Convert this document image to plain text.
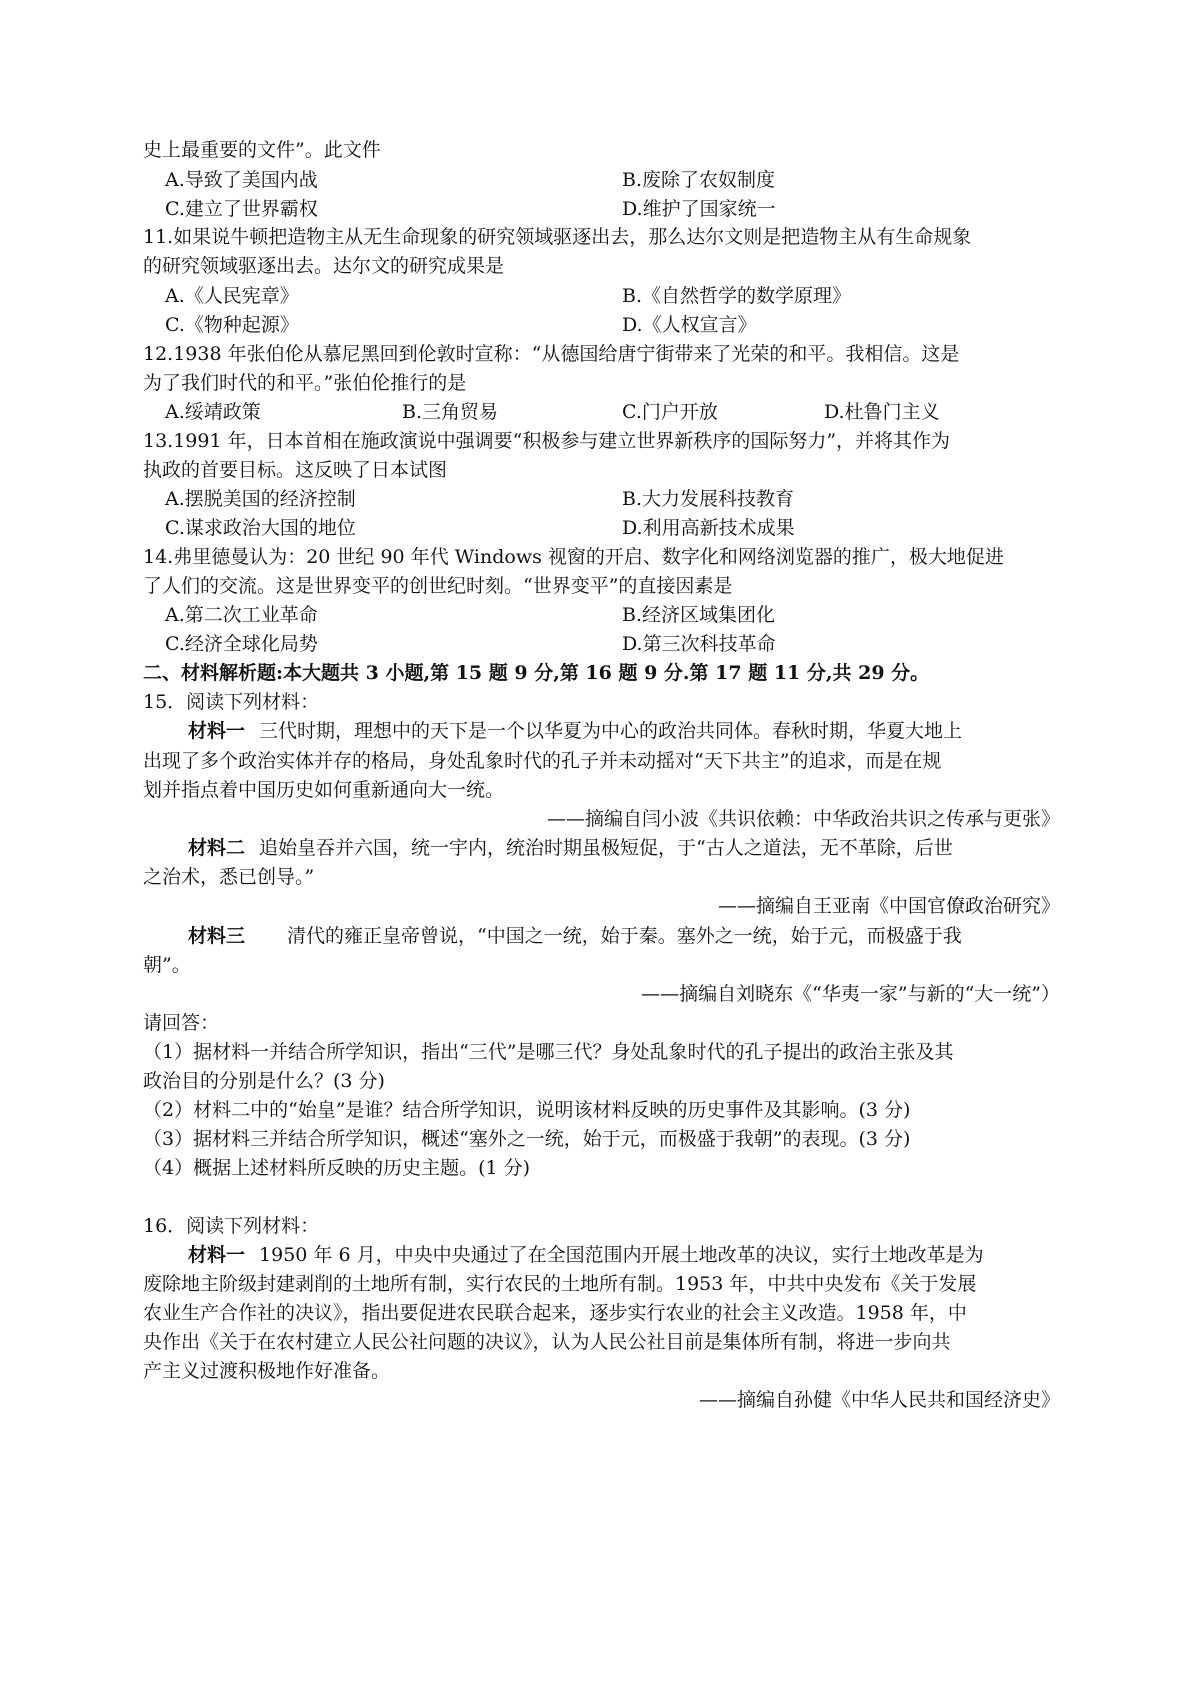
史上最重要的文件”。此文件
A.导致了美国内战	B.废除了农奴制度
C.建立了世界霸权	D.维护了国家统一
11.如果说牛顿把造物主从无生命现象的研究领域驱逐出去，那么达尔文则是把造物主从有生命规象
的研究领域驱逐出去。达尔文的研究成果是
A.《人民宪章》	B.《自然哲学的数学原理》
C.《物种起源》	D.《人权宣言》
12.1938 年张伯伦从慕尼黑回到伦敦时宣称：“从德国给唐宁街带来了光荣的和平。我相信。这是
为了我们时代的和平。”张伯伦推行的是
A.绥靖政策	B.三角贸易	C.门户开放	D.杜鲁门主义
13.1991 年，日本首相在施政演说中强调要“积极参与建立世界新秩序的国际努力”，并将其作为
执政的首要目标。这反映了日本试图
A.摆脱美国的经济控制	B.大力发展科技教育
C.谋求政治大国的地位	D.利用高新技术成果
14.弗里德曼认为：20 世纪 90 年代 Windows 视窗的开启、数字化和网络浏览器的推广，极大地促进
了人们的交流。这是世界变平的创世纪时刻。“世界变平”的直接因素是
A.第二次工业革命	B.经济区域集团化
C.经济全球化局势	D.第三次科技革命
二、材料解析题:本大题共 3 小题,第 15 题 9 分,第 16 题 9 分.第 17 题 11 分,共 29 分。
15．阅读下列材料：
材料一 三代时期，理想中的天下是一个以华夏为中心的政治共同体。春秋时期，华夏大地上
出现了多个政治实体并存的格局，身处乱象时代的孔子并未动摇对“天下共主”的追求，而是在规
划并指点着中国历史如何重新通向大一统。
——摘编自闫小波《共识依赖：中华政治共识之传承与更张》
材料二 追始皇吞并六国，统一宇内，统治时期虽极短促，于“古人之道法，无不革除，后世
之治术，悉已创导。”
——摘编自王亚南《中国官僚政治研究》
材料三 清代的雍正皇帝曾说，“中国之一统，始于秦。塞外之一统，始于元，而极盛于我
朝”。
——摘编自刘晓东《“华夷一家”与新的“大一统”）
请回答：
（1）据材料一并结合所学知识，指出“三代”是哪三代？身处乱象时代的孔子提出的政治主张及其
政治目的分别是什么？(3 分)
（2）材料二中的“始皇”是谁？结合所学知识，说明该材料反映的历史事件及其影响。(3 分)
（3）据材料三并结合所学知识，概述“塞外之一统，始于元，而极盛于我朝”的表现。(3 分)
（4）概据上述材料所反映的历史主题。(1 分)
16．阅读下列材料：
材料一 1950 年 6 月，中央中央通过了在全国范围内开展土地改革的决议，实行土地改革是为
废除地主阶级封建剥削的土地所有制，实行农民的土地所有制。1953 年，中共中央发布《关于发展
农业生产合作社的决议》，指出要促进农民联合起来，逐步实行农业的社会主义改造。1958 年，中
央作出《关于在农村建立人民公社问题的决议》，认为人民公社目前是集体所有制，将进一步向共
产主义过渡积极地作好准备。
——摘编自孙健《中华人民共和国经济史》
